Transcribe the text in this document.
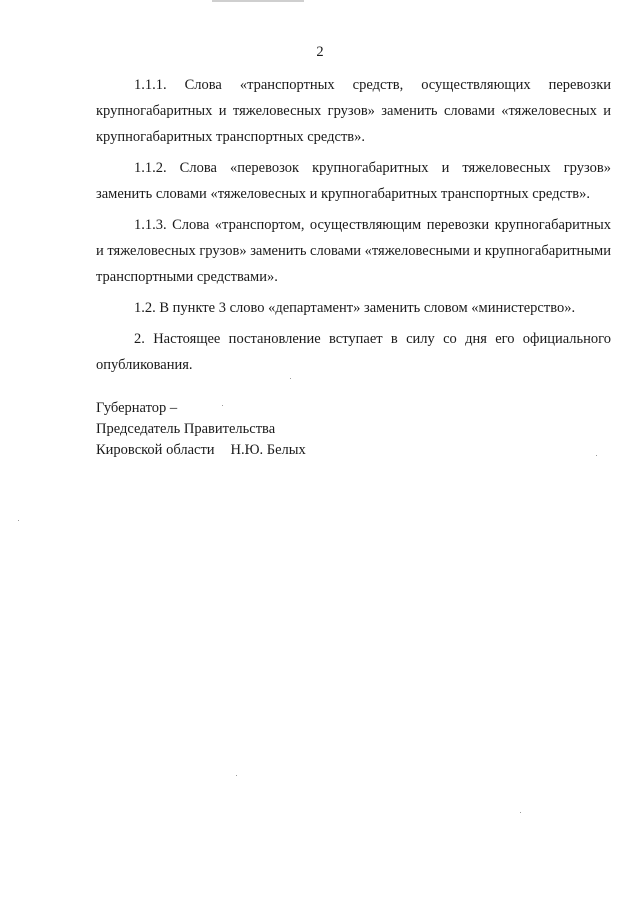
2

1.1.1. Слова «транспортных средств, осуществляющих перевозки крупногабаритных и тяжеловесных грузов» заменить словами «тяжеловесных и крупногабаритных транспортных средств».

1.1.2. Слова «перевозок крупногабаритных и тяжеловесных грузов» заменить словами «тяжеловесных и крупногабаритных транспортных средств».

1.1.3. Слова «транспортом, осуществляющим перевозки крупногабаритных и тяжеловесных грузов» заменить словами «тяжеловесными и крупногабаритными транспортными средствами».

1.2. В пункте 3 слово «департамент» заменить словом «министерство».

2. Настоящее постановление вступает в силу со дня его официального опубликования.

Губернатор –
Председатель Правительства
Кировской области Н.Ю. Белых
